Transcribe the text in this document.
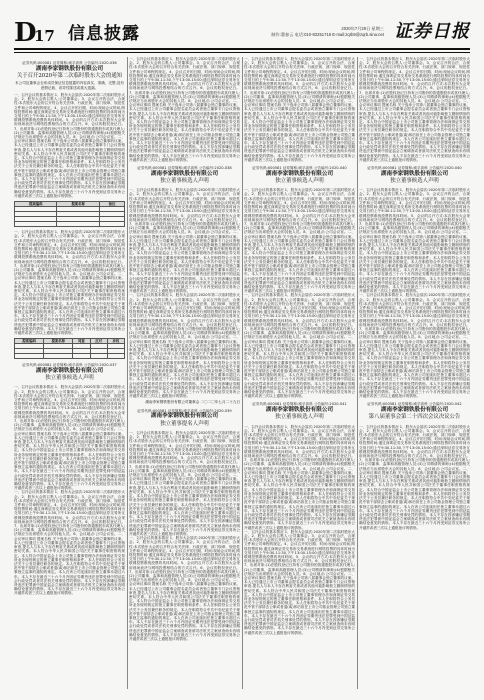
D
17 信息披露	2020年7月29日 星期三
制作:董春云 电话:010-83251716 E-mail:zqrb9@zqrb.sina.net 证券日报
证券代码:000581 证券简称:威孚高科 公告编号:2020-036
湖南李家钢铁股份有限公司
关于召开2020年第二次临时股东大会的通知
本公司及董事会全体成员保证信息披露的内容真实、准确、完整,没有虚假记载、误导性陈述或重大遗漏。
一、召开会议的基本情况 1、股东大会届次:2020年第二次临时股东大会。2、股东大会的召集人:公司董事会。3、会议召开的合法、合规性:本次股东大会的召开符合有关法律、行政法规、部门规章、规范性文件和公司章程的规定。4、会议召开的日期、时间:现场会议时间,网络投票时间:通过深圳证券交易所交易系统进行网络投票的具体时间为交易日的上午9:30-11:30,下午13:00-15:00;通过深圳证券交易所互联网投票系统投票的具体时间。5、会议的召开方式:本次股东大会采用现场表决与网络投票相结合的方式召开。6、会议的股权登记日。7、出席对象:(1)在股权登记日持有公司股份的普通股股东或其代理人;(2)公司董事、监事和高级管理人员;(3)公司聘请的律师;(4)根据相关法规应当出席股东大会的其他人员。8、会议地点:公司会议室。二、会议审议事项 提案名称 关于选举公司第八届董事会独立董事的议案。本人已经通过上市公司董事会提名委员会或者独立董事专门会议资格审查,提名人与本人不存在利害关系或者其他可能影响独立履职情形的密切关系。本人符合中华人民共和国公司法关于董事任职资格的规定。本人符合中国证监会上市公司独立董事管理办法和深圳证券交易所业务规则规定的独立董事任职资格和条件。本人任职将符合公务员法关于公务员兼任职务的规定。本人任职将符合中共中央纪委关于规范中管干部辞去公职或者退(离)休后担任上市公司基金管理公司独立董事独立监事的通知的规定。本人在该公司连续担任独立董事未超过六年。本人不存在最近三十六个月内因证券期货违法犯罪受到中国证监会行政处罚或者司法机关刑事处罚的情形。本人不存在因涉嫌证券期货违法犯罪被中国证监会立案调查或者被司法机关立案侦查尚未有明确结论意见的情形。本人不存在最近三十六个月内受到证券交易所公开谴责或者三次以上通报批评的情形。
提案编码	提案名称	备注

一、召开会议的基本情况 1、股东大会届次:2020年第二次临时股东大会。2、股东大会的召集人:公司董事会。3、会议召开的合法、合规性:本次股东大会的召开符合有关法律、行政法规、部门规章、规范性文件和公司章程的规定。4、会议召开的日期、时间:现场会议时间,网络投票时间:通过深圳证券交易所交易系统进行网络投票的具体时间为交易日的上午9:30-11:30,下午13:00-15:00;通过深圳证券交易所互联网投票系统投票的具体时间。5、会议的召开方式:本次股东大会采用现场表决与网络投票相结合的方式召开。6、会议的股权登记日。7、出席对象:(1)在股权登记日持有公司股份的普通股股东或其代理人;(2)公司董事、监事和高级管理人员;(3)公司聘请的律师;(4)根据相关法规应当出席股东大会的其他人员。8、会议地点:公司会议室。二、会议审议事项 提案名称 关于选举公司第八届董事会独立董事的议案。本人已经通过上市公司董事会提名委员会或者独立董事专门会议资格审查,提名人与本人不存在利害关系或者其他可能影响独立履职情形的密切关系。本人符合中华人民共和国公司法关于董事任职资格的规定。本人符合中国证监会上市公司独立董事管理办法和深圳证券交易所业务规则规定的独立董事任职资格和条件。本人任职将符合公务员法关于公务员兼任职务的规定。本人任职将符合中共中央纪委关于规范中管干部辞去公职或者退(离)休后担任上市公司基金管理公司独立董事独立监事的通知的规定。本人在该公司连续担任独立董事未超过六年。本人不存在最近三十六个月内因证券期货违法犯罪受到中国证监会行政处罚或者司法机关刑事处罚的情形。本人不存在因涉嫌证券期货违法犯罪被中国证监会立案调查或者被司法机关立案侦查尚未有明确结论意见的情形。本人不存在最近三十六个月内受到证券交易所公开谴责或者三次以上通报批评的情形。
提案编码	提案名称	同意	反对	弃权

证券代码:000581 证券简称:威孚高科 公告编号:2020-037
湖南李家钢铁股份有限公司
独立董事候选人声明
一、召开会议的基本情况 1、股东大会届次:2020年第二次临时股东大会。2、股东大会的召集人:公司董事会。3、会议召开的合法、合规性:本次股东大会的召开符合有关法律、行政法规、部门规章、规范性文件和公司章程的规定。4、会议召开的日期、时间:现场会议时间,网络投票时间:通过深圳证券交易所交易系统进行网络投票的具体时间为交易日的上午9:30-11:30,下午13:00-15:00;通过深圳证券交易所互联网投票系统投票的具体时间。5、会议的召开方式:本次股东大会采用现场表决与网络投票相结合的方式召开。6、会议的股权登记日。7、出席对象:(1)在股权登记日持有公司股份的普通股股东或其代理人;(2)公司董事、监事和高级管理人员;(3)公司聘请的律师;(4)根据相关法规应当出席股东大会的其他人员。8、会议地点:公司会议室。二、会议审议事项 提案名称 关于选举公司第八届董事会独立董事的议案。本人已经通过上市公司董事会提名委员会或者独立董事专门会议资格审查,提名人与本人不存在利害关系或者其他可能影响独立履职情形的密切关系。本人符合中华人民共和国公司法关于董事任职资格的规定。本人符合中国证监会上市公司独立董事管理办法和深圳证券交易所业务规则规定的独立董事任职资格和条件。本人任职将符合公务员法关于公务员兼任职务的规定。本人任职将符合中共中央纪委关于规范中管干部辞去公职或者退(离)休后担任上市公司基金管理公司独立董事独立监事的通知的规定。本人在该公司连续担任独立董事未超过六年。本人不存在最近三十六个月内因证券期货违法犯罪受到中国证监会行政处罚或者司法机关刑事处罚的情形。本人不存在因涉嫌证券期货违法犯罪被中国证监会立案调查或者被司法机关立案侦查尚未有明确结论意见的情形。本人不存在最近三十六个月内受到证券交易所公开谴责或者三次以上通报批评的情形。
一、召开会议的基本情况 1、股东大会届次:2020年第二次临时股东大会。2、股东大会的召集人:公司董事会。3、会议召开的合法、合规性:本次股东大会的召开符合有关法律、行政法规、部门规章、规范性文件和公司章程的规定。4、会议召开的日期、时间:现场会议时间,网络投票时间:通过深圳证券交易所交易系统进行网络投票的具体时间为交易日的上午9:30-11:30,下午13:00-15:00;通过深圳证券交易所互联网投票系统投票的具体时间。5、会议的召开方式:本次股东大会采用现场表决与网络投票相结合的方式召开。6、会议的股权登记日。7、出席对象:(1)在股权登记日持有公司股份的普通股股东或其代理人;(2)公司董事、监事和高级管理人员;(3)公司聘请的律师;(4)根据相关法规应当出席股东大会的其他人员。8、会议地点:公司会议室。二、会议审议事项 提案名称 关于选举公司第八届董事会独立董事的议案。本人已经通过上市公司董事会提名委员会或者独立董事专门会议资格审查,提名人与本人不存在利害关系或者其他可能影响独立履职情形的密切关系。本人符合中华人民共和国公司法关于董事任职资格的规定。本人符合中国证监会上市公司独立董事管理办法和深圳证券交易所业务规则规定的独立董事任职资格和条件。本人任职将符合公务员法关于公务员兼任职务的规定。本人任职将符合中共中央纪委关于规范中管干部辞去公职或者退(离)休后担任上市公司基金管理公司独立董事独立监事的通知的规定。本人在该公司连续担任独立董事未超过六年。本人不存在最近三十六个月内因证券期货违法犯罪受到中国证监会行政处罚或者司法机关刑事处罚的情形。本人不存在因涉嫌证券期货违法犯罪被中国证监会立案调查或者被司法机关立案侦查尚未有明确结论意见的情形。本人不存在最近三十六个月内受到证券交易所公开谴责或者三次以上通报批评的情形。
一、召开会议的基本情况 1、股东大会届次:2020年第二次临时股东大会。2、股东大会的召集人:公司董事会。3、会议召开的合法、合规性:本次股东大会的召开符合有关法律、行政法规、部门规章、规范性文件和公司章程的规定。4、会议召开的日期、时间:现场会议时间,网络投票时间:通过深圳证券交易所交易系统进行网络投票的具体时间为交易日的上午9:30-11:30,下午13:00-15:00;通过深圳证券交易所互联网投票系统投票的具体时间。5、会议的召开方式:本次股东大会采用现场表决与网络投票相结合的方式召开。6、会议的股权登记日。7、出席对象:(1)在股权登记日持有公司股份的普通股股东或其代理人;(2)公司董事、监事和高级管理人员;(3)公司聘请的律师;(4)根据相关法规应当出席股东大会的其他人员。8、会议地点:公司会议室。二、会议审议事项 提案名称 关于选举公司第八届董事会独立董事的议案。本人已经通过上市公司董事会提名委员会或者独立董事专门会议资格审查,提名人与本人不存在利害关系或者其他可能影响独立履职情形的密切关系。本人符合中华人民共和国公司法关于董事任职资格的规定。本人符合中国证监会上市公司独立董事管理办法和深圳证券交易所业务规则规定的独立董事任职资格和条件。本人任职将符合公务员法关于公务员兼任职务的规定。本人任职将符合中共中央纪委关于规范中管干部辞去公职或者退(离)休后担任上市公司基金管理公司独立董事独立监事的通知的规定。本人在该公司连续担任独立董事未超过六年。本人不存在最近三十六个月内因证券期货违法犯罪受到中国证监会行政处罚或者司法机关刑事处罚的情形。本人不存在因涉嫌证券期货违法犯罪被中国证监会立案调查或者被司法机关立案侦查尚未有明确结论意见的情形。本人不存在最近三十六个月内受到证券交易所公开谴责或者三次以上通报批评的情形。
证券代码:000581 证券简称:威孚高科 公告编号:2020-038
湖南李家钢铁股份有限公司
独立董事候选人声明
一、召开会议的基本情况 1、股东大会届次:2020年第二次临时股东大会。2、股东大会的召集人:公司董事会。3、会议召开的合法、合规性:本次股东大会的召开符合有关法律、行政法规、部门规章、规范性文件和公司章程的规定。4、会议召开的日期、时间:现场会议时间,网络投票时间:通过深圳证券交易所交易系统进行网络投票的具体时间为交易日的上午9:30-11:30,下午13:00-15:00;通过深圳证券交易所互联网投票系统投票的具体时间。5、会议的召开方式:本次股东大会采用现场表决与网络投票相结合的方式召开。6、会议的股权登记日。7、出席对象:(1)在股权登记日持有公司股份的普通股股东或其代理人;(2)公司董事、监事和高级管理人员;(3)公司聘请的律师;(4)根据相关法规应当出席股东大会的其他人员。8、会议地点:公司会议室。二、会议审议事项 提案名称 关于选举公司第八届董事会独立董事的议案。本人已经通过上市公司董事会提名委员会或者独立董事专门会议资格审查,提名人与本人不存在利害关系或者其他可能影响独立履职情形的密切关系。本人符合中华人民共和国公司法关于董事任职资格的规定。本人符合中国证监会上市公司独立董事管理办法和深圳证券交易所业务规则规定的独立董事任职资格和条件。本人任职将符合公务员法关于公务员兼任职务的规定。本人任职将符合中共中央纪委关于规范中管干部辞去公职或者退(离)休后担任上市公司基金管理公司独立董事独立监事的通知的规定。本人在该公司连续担任独立董事未超过六年。本人不存在最近三十六个月内因证券期货违法犯罪受到中国证监会行政处罚或者司法机关刑事处罚的情形。本人不存在因涉嫌证券期货违法犯罪被中国证监会立案调查或者被司法机关立案侦查尚未有明确结论意见的情形。本人不存在最近三十六个月内受到证券交易所公开谴责或者三次以上通报批评的情形。
一、召开会议的基本情况 1、股东大会届次:2020年第二次临时股东大会。2、股东大会的召集人:公司董事会。3、会议召开的合法、合规性:本次股东大会的召开符合有关法律、行政法规、部门规章、规范性文件和公司章程的规定。4、会议召开的日期、时间:现场会议时间,网络投票时间:通过深圳证券交易所交易系统进行网络投票的具体时间为交易日的上午9:30-11:30,下午13:00-15:00;通过深圳证券交易所互联网投票系统投票的具体时间。5、会议的召开方式:本次股东大会采用现场表决与网络投票相结合的方式召开。6、会议的股权登记日。7、出席对象:(1)在股权登记日持有公司股份的普通股股东或其代理人;(2)公司董事、监事和高级管理人员;(3)公司聘请的律师;(4)根据相关法规应当出席股东大会的其他人员。8、会议地点:公司会议室。二、会议审议事项 提案名称 关于选举公司第八届董事会独立董事的议案。本人已经通过上市公司董事会提名委员会或者独立董事专门会议资格审查,提名人与本人不存在利害关系或者其他可能影响独立履职情形的密切关系。本人符合中华人民共和国公司法关于董事任职资格的规定。本人符合中国证监会上市公司独立董事管理办法和深圳证券交易所业务规则规定的独立董事任职资格和条件。本人任职将符合公务员法关于公务员兼任职务的规定。本人任职将符合中共中央纪委关于规范中管干部辞去公职或者退(离)休后担任上市公司基金管理公司独立董事独立监事的通知的规定。本人在该公司连续担任独立董事未超过六年。本人不存在最近三十六个月内因证券期货违法犯罪受到中国证监会行政处罚或者司法机关刑事处罚的情形。本人不存在因涉嫌证券期货违法犯罪被中国证监会立案调查或者被司法机关立案侦查尚未有明确结论意见的情形。本人不存在最近三十六个月内受到证券交易所公开谴责或者三次以上通报批评的情形。
湖南李家钢铁股份有限公司董事会 二〇二〇年七月二十九日
证券代码:000581 证券简称:威孚高科 公告编号:2020-039
湖南李家钢铁股份有限公司
独立董事提名人声明
一、召开会议的基本情况 1、股东大会届次:2020年第二次临时股东大会。2、股东大会的召集人:公司董事会。3、会议召开的合法、合规性:本次股东大会的召开符合有关法律、行政法规、部门规章、规范性文件和公司章程的规定。4、会议召开的日期、时间:现场会议时间,网络投票时间:通过深圳证券交易所交易系统进行网络投票的具体时间为交易日的上午9:30-11:30,下午13:00-15:00;通过深圳证券交易所互联网投票系统投票的具体时间。5、会议的召开方式:本次股东大会采用现场表决与网络投票相结合的方式召开。6、会议的股权登记日。7、出席对象:(1)在股权登记日持有公司股份的普通股股东或其代理人;(2)公司董事、监事和高级管理人员;(3)公司聘请的律师;(4)根据相关法规应当出席股东大会的其他人员。8、会议地点:公司会议室。二、会议审议事项 提案名称 关于选举公司第八届董事会独立董事的议案。本人已经通过上市公司董事会提名委员会或者独立董事专门会议资格审查,提名人与本人不存在利害关系或者其他可能影响独立履职情形的密切关系。本人符合中华人民共和国公司法关于董事任职资格的规定。本人符合中国证监会上市公司独立董事管理办法和深圳证券交易所业务规则规定的独立董事任职资格和条件。本人任职将符合公务员法关于公务员兼任职务的规定。本人任职将符合中共中央纪委关于规范中管干部辞去公职或者退(离)休后担任上市公司基金管理公司独立董事独立监事的通知的规定。本人在该公司连续担任独立董事未超过六年。本人不存在最近三十六个月内因证券期货违法犯罪受到中国证监会行政处罚或者司法机关刑事处罚的情形。本人不存在因涉嫌证券期货违法犯罪被中国证监会立案调查或者被司法机关立案侦查尚未有明确结论意见的情形。本人不存在最近三十六个月内受到证券交易所公开谴责或者三次以上通报批评的情形。
一、召开会议的基本情况 1、股东大会届次:2020年第二次临时股东大会。2、股东大会的召集人:公司董事会。3、会议召开的合法、合规性:本次股东大会的召开符合有关法律、行政法规、部门规章、规范性文件和公司章程的规定。4、会议召开的日期、时间:现场会议时间,网络投票时间:通过深圳证券交易所交易系统进行网络投票的具体时间为交易日的上午9:30-11:30,下午13:00-15:00;通过深圳证券交易所互联网投票系统投票的具体时间。5、会议的召开方式:本次股东大会采用现场表决与网络投票相结合的方式召开。6、会议的股权登记日。7、出席对象:(1)在股权登记日持有公司股份的普通股股东或其代理人;(2)公司董事、监事和高级管理人员;(3)公司聘请的律师;(4)根据相关法规应当出席股东大会的其他人员。8、会议地点:公司会议室。二、会议审议事项 提案名称 关于选举公司第八届董事会独立董事的议案。本人已经通过上市公司董事会提名委员会或者独立董事专门会议资格审查,提名人与本人不存在利害关系或者其他可能影响独立履职情形的密切关系。本人符合中华人民共和国公司法关于董事任职资格的规定。本人符合中国证监会上市公司独立董事管理办法和深圳证券交易所业务规则规定的独立董事任职资格和条件。本人任职将符合公务员法关于公务员兼任职务的规定。本人任职将符合中共中央纪委关于规范中管干部辞去公职或者退(离)休后担任上市公司基金管理公司独立董事独立监事的通知的规定。本人在该公司连续担任独立董事未超过六年。本人不存在最近三十六个月内因证券期货违法犯罪受到中国证监会行政处罚或者司法机关刑事处罚的情形。本人不存在因涉嫌证券期货违法犯罪被中国证监会立案调查或者被司法机关立案侦查尚未有明确结论意见的情形。本人不存在最近三十六个月内受到证券交易所公开谴责或者三次以上通报批评的情形。
一、召开会议的基本情况 1、股东大会届次:2020年第二次临时股东大会。2、股东大会的召集人:公司董事会。3、会议召开的合法、合规性:本次股东大会的召开符合有关法律、行政法规、部门规章、规范性文件和公司章程的规定。4、会议召开的日期、时间:现场会议时间,网络投票时间:通过深圳证券交易所交易系统进行网络投票的具体时间为交易日的上午9:30-11:30,下午13:00-15:00;通过深圳证券交易所互联网投票系统投票的具体时间。5、会议的召开方式:本次股东大会采用现场表决与网络投票相结合的方式召开。6、会议的股权登记日。7、出席对象:(1)在股权登记日持有公司股份的普通股股东或其代理人;(2)公司董事、监事和高级管理人员;(3)公司聘请的律师;(4)根据相关法规应当出席股东大会的其他人员。8、会议地点:公司会议室。二、会议审议事项 提案名称 关于选举公司第八届董事会独立董事的议案。本人已经通过上市公司董事会提名委员会或者独立董事专门会议资格审查,提名人与本人不存在利害关系或者其他可能影响独立履职情形的密切关系。本人符合中华人民共和国公司法关于董事任职资格的规定。本人符合中国证监会上市公司独立董事管理办法和深圳证券交易所业务规则规定的独立董事任职资格和条件。本人任职将符合公务员法关于公务员兼任职务的规定。本人任职将符合中共中央纪委关于规范中管干部辞去公职或者退(离)休后担任上市公司基金管理公司独立董事独立监事的通知的规定。本人在该公司连续担任独立董事未超过六年。本人不存在最近三十六个月内因证券期货违法犯罪受到中国证监会行政处罚或者司法机关刑事处罚的情形。本人不存在因涉嫌证券期货违法犯罪被中国证监会立案调查或者被司法机关立案侦查尚未有明确结论意见的情形。本人不存在最近三十六个月内受到证券交易所公开谴责或者三次以上通报批评的情形。
证券代码:000581 证券简称:威孚高科 公告编号:2020-040
湖南李家钢铁股份有限公司
独立董事候选人声明
一、召开会议的基本情况 1、股东大会届次:2020年第二次临时股东大会。2、股东大会的召集人:公司董事会。3、会议召开的合法、合规性:本次股东大会的召开符合有关法律、行政法规、部门规章、规范性文件和公司章程的规定。4、会议召开的日期、时间:现场会议时间,网络投票时间:通过深圳证券交易所交易系统进行网络投票的具体时间为交易日的上午9:30-11:30,下午13:00-15:00;通过深圳证券交易所互联网投票系统投票的具体时间。5、会议的召开方式:本次股东大会采用现场表决与网络投票相结合的方式召开。6、会议的股权登记日。7、出席对象:(1)在股权登记日持有公司股份的普通股股东或其代理人;(2)公司董事、监事和高级管理人员;(3)公司聘请的律师;(4)根据相关法规应当出席股东大会的其他人员。8、会议地点:公司会议室。二、会议审议事项 提案名称 关于选举公司第八届董事会独立董事的议案。本人已经通过上市公司董事会提名委员会或者独立董事专门会议资格审查,提名人与本人不存在利害关系或者其他可能影响独立履职情形的密切关系。本人符合中华人民共和国公司法关于董事任职资格的规定。本人符合中国证监会上市公司独立董事管理办法和深圳证券交易所业务规则规定的独立董事任职资格和条件。本人任职将符合公务员法关于公务员兼任职务的规定。本人任职将符合中共中央纪委关于规范中管干部辞去公职或者退(离)休后担任上市公司基金管理公司独立董事独立监事的通知的规定。本人在该公司连续担任独立董事未超过六年。本人不存在最近三十六个月内因证券期货违法犯罪受到中国证监会行政处罚或者司法机关刑事处罚的情形。本人不存在因涉嫌证券期货违法犯罪被中国证监会立案调查或者被司法机关立案侦查尚未有明确结论意见的情形。本人不存在最近三十六个月内受到证券交易所公开谴责或者三次以上通报批评的情形。
一、召开会议的基本情况 1、股东大会届次:2020年第二次临时股东大会。2、股东大会的召集人:公司董事会。3、会议召开的合法、合规性:本次股东大会的召开符合有关法律、行政法规、部门规章、规范性文件和公司章程的规定。4、会议召开的日期、时间:现场会议时间,网络投票时间:通过深圳证券交易所交易系统进行网络投票的具体时间为交易日的上午9:30-11:30,下午13:00-15:00;通过深圳证券交易所互联网投票系统投票的具体时间。5、会议的召开方式:本次股东大会采用现场表决与网络投票相结合的方式召开。6、会议的股权登记日。7、出席对象:(1)在股权登记日持有公司股份的普通股股东或其代理人;(2)公司董事、监事和高级管理人员;(3)公司聘请的律师;(4)根据相关法规应当出席股东大会的其他人员。8、会议地点:公司会议室。二、会议审议事项 提案名称 关于选举公司第八届董事会独立董事的议案。本人已经通过上市公司董事会提名委员会或者独立董事专门会议资格审查,提名人与本人不存在利害关系或者其他可能影响独立履职情形的密切关系。本人符合中华人民共和国公司法关于董事任职资格的规定。本人符合中国证监会上市公司独立董事管理办法和深圳证券交易所业务规则规定的独立董事任职资格和条件。本人任职将符合公务员法关于公务员兼任职务的规定。本人任职将符合中共中央纪委关于规范中管干部辞去公职或者退(离)休后担任上市公司基金管理公司独立董事独立监事的通知的规定。本人在该公司连续担任独立董事未超过六年。本人不存在最近三十六个月内因证券期货违法犯罪受到中国证监会行政处罚或者司法机关刑事处罚的情形。本人不存在因涉嫌证券期货违法犯罪被中国证监会立案调查或者被司法机关立案侦查尚未有明确结论意见的情形。本人不存在最近三十六个月内受到证券交易所公开谴责或者三次以上通报批评的情形。
证券代码:000581 证券简称:威孚高科 公告编号:2020-041
湖南李家钢铁股份有限公司
独立董事候选人声明
一、召开会议的基本情况 1、股东大会届次:2020年第二次临时股东大会。2、股东大会的召集人:公司董事会。3、会议召开的合法、合规性:本次股东大会的召开符合有关法律、行政法规、部门规章、规范性文件和公司章程的规定。4、会议召开的日期、时间:现场会议时间,网络投票时间:通过深圳证券交易所交易系统进行网络投票的具体时间为交易日的上午9:30-11:30,下午13:00-15:00;通过深圳证券交易所互联网投票系统投票的具体时间。5、会议的召开方式:本次股东大会采用现场表决与网络投票相结合的方式召开。6、会议的股权登记日。7、出席对象:(1)在股权登记日持有公司股份的普通股股东或其代理人;(2)公司董事、监事和高级管理人员;(3)公司聘请的律师;(4)根据相关法规应当出席股东大会的其他人员。8、会议地点:公司会议室。二、会议审议事项 提案名称 关于选举公司第八届董事会独立董事的议案。本人已经通过上市公司董事会提名委员会或者独立董事专门会议资格审查,提名人与本人不存在利害关系或者其他可能影响独立履职情形的密切关系。本人符合中华人民共和国公司法关于董事任职资格的规定。本人符合中国证监会上市公司独立董事管理办法和深圳证券交易所业务规则规定的独立董事任职资格和条件。本人任职将符合公务员法关于公务员兼任职务的规定。本人任职将符合中共中央纪委关于规范中管干部辞去公职或者退(离)休后担任上市公司基金管理公司独立董事独立监事的通知的规定。本人在该公司连续担任独立董事未超过六年。本人不存在最近三十六个月内因证券期货违法犯罪受到中国证监会行政处罚或者司法机关刑事处罚的情形。本人不存在因涉嫌证券期货违法犯罪被中国证监会立案调查或者被司法机关立案侦查尚未有明确结论意见的情形。本人不存在最近三十六个月内受到证券交易所公开谴责或者三次以上通报批评的情形。
一、召开会议的基本情况 1、股东大会届次:2020年第二次临时股东大会。2、股东大会的召集人:公司董事会。3、会议召开的合法、合规性:本次股东大会的召开符合有关法律、行政法规、部门规章、规范性文件和公司章程的规定。4、会议召开的日期、时间:现场会议时间,网络投票时间:通过深圳证券交易所交易系统进行网络投票的具体时间为交易日的上午9:30-11:30,下午13:00-15:00;通过深圳证券交易所互联网投票系统投票的具体时间。5、会议的召开方式:本次股东大会采用现场表决与网络投票相结合的方式召开。6、会议的股权登记日。7、出席对象:(1)在股权登记日持有公司股份的普通股股东或其代理人;(2)公司董事、监事和高级管理人员;(3)公司聘请的律师;(4)根据相关法规应当出席股东大会的其他人员。8、会议地点:公司会议室。二、会议审议事项 提案名称 关于选举公司第八届董事会独立董事的议案。本人已经通过上市公司董事会提名委员会或者独立董事专门会议资格审查,提名人与本人不存在利害关系或者其他可能影响独立履职情形的密切关系。本人符合中华人民共和国公司法关于董事任职资格的规定。本人符合中国证监会上市公司独立董事管理办法和深圳证券交易所业务规则规定的独立董事任职资格和条件。本人任职将符合公务员法关于公务员兼任职务的规定。本人任职将符合中共中央纪委关于规范中管干部辞去公职或者退(离)休后担任上市公司基金管理公司独立董事独立监事的通知的规定。本人在该公司连续担任独立董事未超过六年。本人不存在最近三十六个月内因证券期货违法犯罪受到中国证监会行政处罚或者司法机关刑事处罚的情形。本人不存在因涉嫌证券期货违法犯罪被中国证监会立案调查或者被司法机关立案侦查尚未有明确结论意见的情形。本人不存在最近三十六个月内受到证券交易所公开谴责或者三次以上通报批评的情形。
一、召开会议的基本情况 1、股东大会届次:2020年第二次临时股东大会。2、股东大会的召集人:公司董事会。3、会议召开的合法、合规性:本次股东大会的召开符合有关法律、行政法规、部门规章、规范性文件和公司章程的规定。4、会议召开的日期、时间:现场会议时间,网络投票时间:通过深圳证券交易所交易系统进行网络投票的具体时间为交易日的上午9:30-11:30,下午13:00-15:00;通过深圳证券交易所互联网投票系统投票的具体时间。5、会议的召开方式:本次股东大会采用现场表决与网络投票相结合的方式召开。6、会议的股权登记日。7、出席对象:(1)在股权登记日持有公司股份的普通股股东或其代理人;(2)公司董事、监事和高级管理人员;(3)公司聘请的律师;(4)根据相关法规应当出席股东大会的其他人员。8、会议地点:公司会议室。二、会议审议事项 提案名称 关于选举公司第八届董事会独立董事的议案。本人已经通过上市公司董事会提名委员会或者独立董事专门会议资格审查,提名人与本人不存在利害关系或者其他可能影响独立履职情形的密切关系。本人符合中华人民共和国公司法关于董事任职资格的规定。本人符合中国证监会上市公司独立董事管理办法和深圳证券交易所业务规则规定的独立董事任职资格和条件。本人任职将符合公务员法关于公务员兼任职务的规定。本人任职将符合中共中央纪委关于规范中管干部辞去公职或者退(离)休后担任上市公司基金管理公司独立董事独立监事的通知的规定。本人在该公司连续担任独立董事未超过六年。本人不存在最近三十六个月内因证券期货违法犯罪受到中国证监会行政处罚或者司法机关刑事处罚的情形。本人不存在因涉嫌证券期货违法犯罪被中国证监会立案调查或者被司法机关立案侦查尚未有明确结论意见的情形。本人不存在最近三十六个月内受到证券交易所公开谴责或者三次以上通报批评的情形。
证券代码:000581 证券简称:威孚高科 公告编号:2020-040
湖南李家钢铁股份有限公司
独立董事候选人声明
一、召开会议的基本情况 1、股东大会届次:2020年第二次临时股东大会。2、股东大会的召集人:公司董事会。3、会议召开的合法、合规性:本次股东大会的召开符合有关法律、行政法规、部门规章、规范性文件和公司章程的规定。4、会议召开的日期、时间:现场会议时间,网络投票时间:通过深圳证券交易所交易系统进行网络投票的具体时间为交易日的上午9:30-11:30,下午13:00-15:00;通过深圳证券交易所互联网投票系统投票的具体时间。5、会议的召开方式:本次股东大会采用现场表决与网络投票相结合的方式召开。6、会议的股权登记日。7、出席对象:(1)在股权登记日持有公司股份的普通股股东或其代理人;(2)公司董事、监事和高级管理人员;(3)公司聘请的律师;(4)根据相关法规应当出席股东大会的其他人员。8、会议地点:公司会议室。二、会议审议事项 提案名称 关于选举公司第八届董事会独立董事的议案。本人已经通过上市公司董事会提名委员会或者独立董事专门会议资格审查,提名人与本人不存在利害关系或者其他可能影响独立履职情形的密切关系。本人符合中华人民共和国公司法关于董事任职资格的规定。本人符合中国证监会上市公司独立董事管理办法和深圳证券交易所业务规则规定的独立董事任职资格和条件。本人任职将符合公务员法关于公务员兼任职务的规定。本人任职将符合中共中央纪委关于规范中管干部辞去公职或者退(离)休后担任上市公司基金管理公司独立董事独立监事的通知的规定。本人在该公司连续担任独立董事未超过六年。本人不存在最近三十六个月内因证券期货违法犯罪受到中国证监会行政处罚或者司法机关刑事处罚的情形。本人不存在因涉嫌证券期货违法犯罪被中国证监会立案调查或者被司法机关立案侦查尚未有明确结论意见的情形。本人不存在最近三十六个月内受到证券交易所公开谴责或者三次以上通报批评的情形。
一、召开会议的基本情况 1、股东大会届次:2020年第二次临时股东大会。2、股东大会的召集人:公司董事会。3、会议召开的合法、合规性:本次股东大会的召开符合有关法律、行政法规、部门规章、规范性文件和公司章程的规定。4、会议召开的日期、时间:现场会议时间,网络投票时间:通过深圳证券交易所交易系统进行网络投票的具体时间为交易日的上午9:30-11:30,下午13:00-15:00;通过深圳证券交易所互联网投票系统投票的具体时间。5、会议的召开方式:本次股东大会采用现场表决与网络投票相结合的方式召开。6、会议的股权登记日。7、出席对象:(1)在股权登记日持有公司股份的普通股股东或其代理人;(2)公司董事、监事和高级管理人员;(3)公司聘请的律师;(4)根据相关法规应当出席股东大会的其他人员。8、会议地点:公司会议室。二、会议审议事项 提案名称 关于选举公司第八届董事会独立董事的议案。本人已经通过上市公司董事会提名委员会或者独立董事专门会议资格审查,提名人与本人不存在利害关系或者其他可能影响独立履职情形的密切关系。本人符合中华人民共和国公司法关于董事任职资格的规定。本人符合中国证监会上市公司独立董事管理办法和深圳证券交易所业务规则规定的独立董事任职资格和条件。本人任职将符合公务员法关于公务员兼任职务的规定。本人任职将符合中共中央纪委关于规范中管干部辞去公职或者退(离)休后担任上市公司基金管理公司独立董事独立监事的通知的规定。本人在该公司连续担任独立董事未超过六年。本人不存在最近三十六个月内因证券期货违法犯罪受到中国证监会行政处罚或者司法机关刑事处罚的情形。本人不存在因涉嫌证券期货违法犯罪被中国证监会立案调查或者被司法机关立案侦查尚未有明确结论意见的情形。本人不存在最近三十六个月内受到证券交易所公开谴责或者三次以上通报批评的情形。
证券代码:000581 证券简称:威孚高科 公告编号:2020-042
湖南李家钢铁股份有限公司
第八届董事会第二十四次会议决议公告
一、召开会议的基本情况 1、股东大会届次:2020年第二次临时股东大会。2、股东大会的召集人:公司董事会。3、会议召开的合法、合规性:本次股东大会的召开符合有关法律、行政法规、部门规章、规范性文件和公司章程的规定。4、会议召开的日期、时间:现场会议时间,网络投票时间:通过深圳证券交易所交易系统进行网络投票的具体时间为交易日的上午9:30-11:30,下午13:00-15:00;通过深圳证券交易所互联网投票系统投票的具体时间。5、会议的召开方式:本次股东大会采用现场表决与网络投票相结合的方式召开。6、会议的股权登记日。7、出席对象:(1)在股权登记日持有公司股份的普通股股东或其代理人;(2)公司董事、监事和高级管理人员;(3)公司聘请的律师;(4)根据相关法规应当出席股东大会的其他人员。8、会议地点:公司会议室。二、会议审议事项 提案名称 关于选举公司第八届董事会独立董事的议案。本人已经通过上市公司董事会提名委员会或者独立董事专门会议资格审查,提名人与本人不存在利害关系或者其他可能影响独立履职情形的密切关系。本人符合中华人民共和国公司法关于董事任职资格的规定。本人符合中国证监会上市公司独立董事管理办法和深圳证券交易所业务规则规定的独立董事任职资格和条件。本人任职将符合公务员法关于公务员兼任职务的规定。本人任职将符合中共中央纪委关于规范中管干部辞去公职或者退(离)休后担任上市公司基金管理公司独立董事独立监事的通知的规定。本人在该公司连续担任独立董事未超过六年。本人不存在最近三十六个月内因证券期货违法犯罪受到中国证监会行政处罚或者司法机关刑事处罚的情形。本人不存在因涉嫌证券期货违法犯罪被中国证监会立案调查或者被司法机关立案侦查尚未有明确结论意见的情形。本人不存在最近三十六个月内受到证券交易所公开谴责或者三次以上通报批评的情形。
